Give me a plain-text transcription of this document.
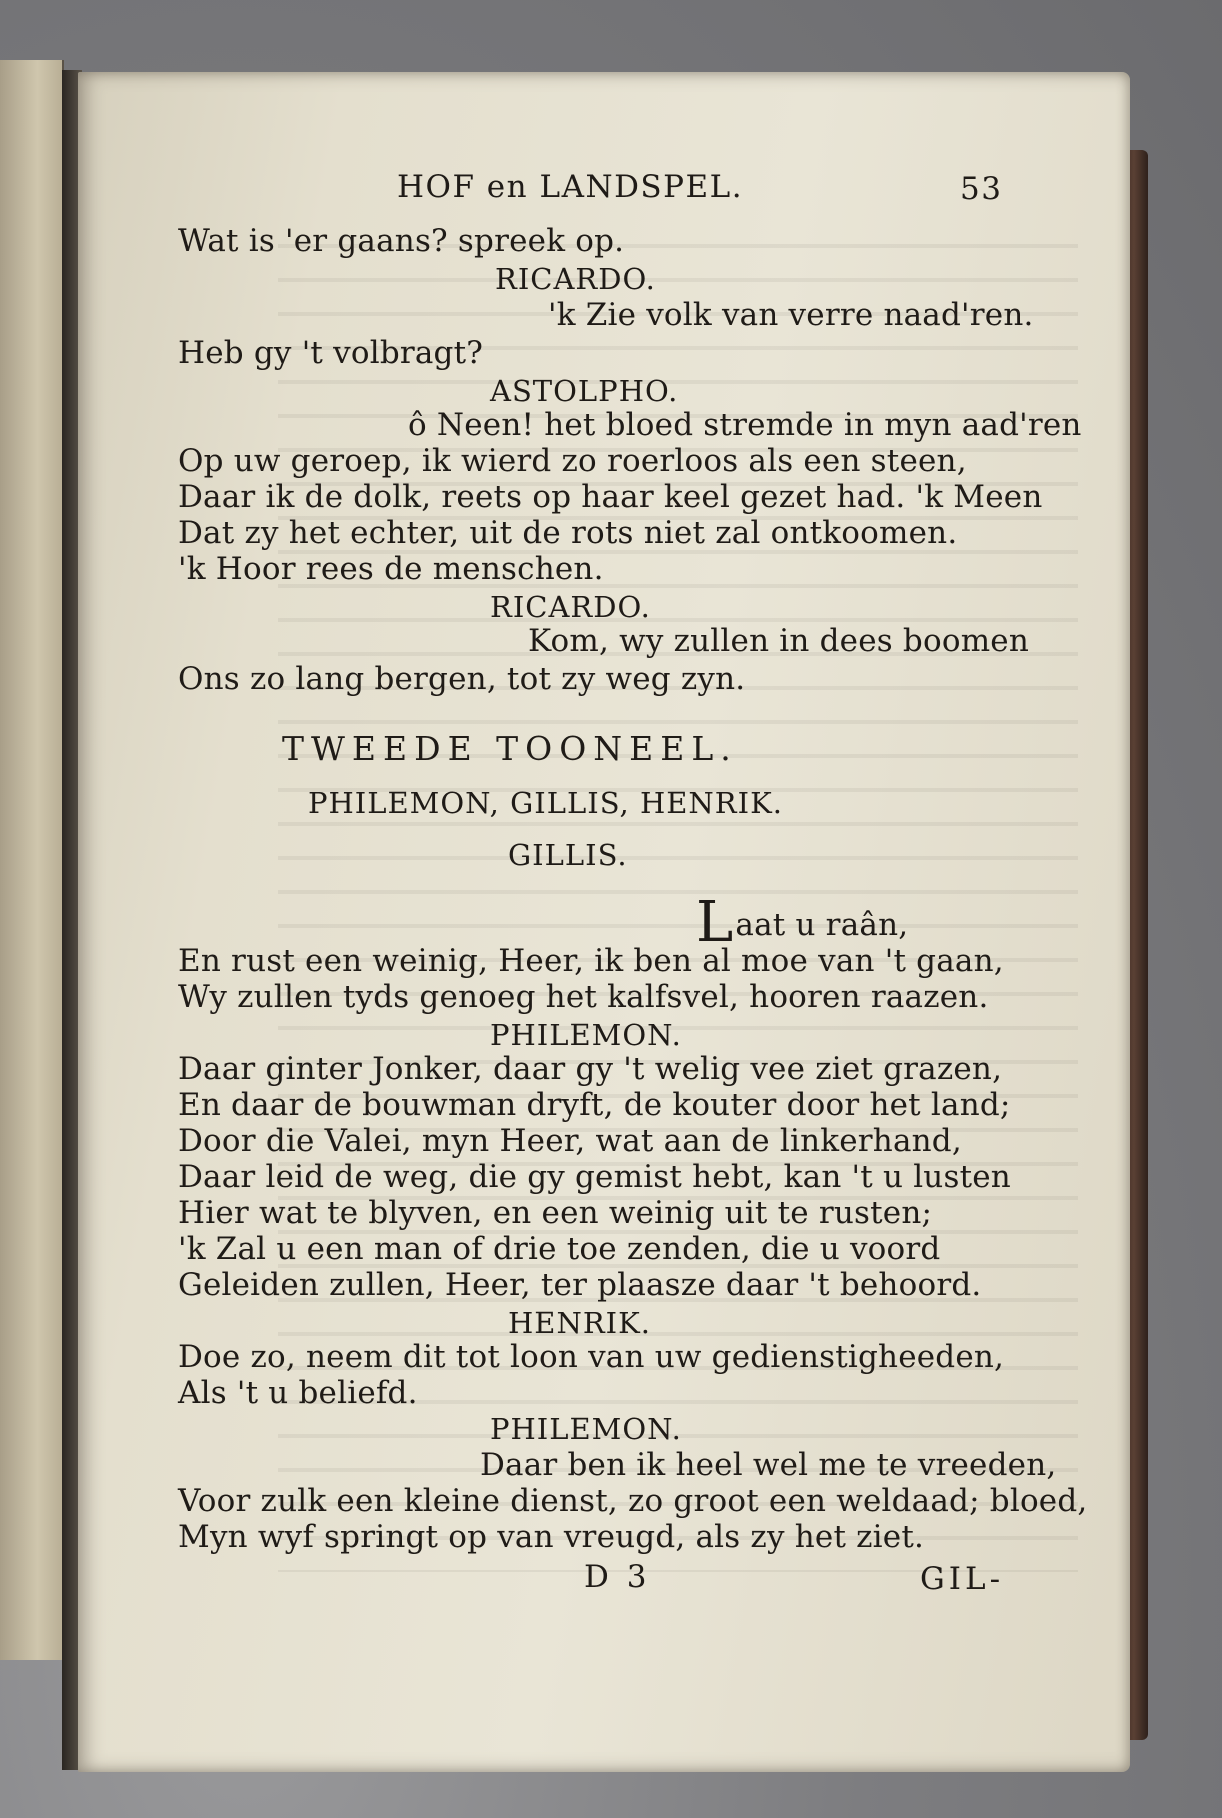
HOF en LANDSPEL.	53
Wat is 'er gaans? spreek op.
RICARDO.
'k Zie volk van verre naad'ren.
Heb gy 't volbragt?
ASTOLPHO.
ô Neen! het bloed stremde in myn aad'ren
Op uw geroep, ik wierd zo roerloos als een steen,
Daar ik de dolk, reets op haar keel gezet had. 'k Meen
Dat zy het echter, uit de rots niet zal ontkoomen.
'k Hoor rees de menschen.
RICARDO.
Kom, wy zullen in dees boomen
Ons zo lang bergen, tot zy weg zyn.
TWEEDE TOONEEL.
PHILEMON, GILLIS, HENRIK.
GILLIS.
Laat u raân,
En rust een weinig, Heer, ik ben al moe van 't gaan,
Wy zullen tyds genoeg het kalfsvel, hooren raazen.
PHILEMON.
Daar ginter Jonker, daar gy 't welig vee ziet grazen,
En daar de bouwman dryft, de kouter door het land;
Door die Valei, myn Heer, wat aan de linkerhand,
Daar leid de weg, die gy gemist hebt, kan 't u lusten
Hier wat te blyven, en een weinig uit te rusten;
'k Zal u een man of drie toe zenden, die u voord
Geleiden zullen, Heer, ter plaasze daar 't behoord.
HENRIK.
Doe zo, neem dit tot loon van uw gedienstigheeden,
Als 't u beliefd.
PHILEMON.
Daar ben ik heel wel me te vreeden,
Voor zulk een kleine dienst, zo groot een weldaad; bloed,
Myn wyf springt op van vreugd, als zy het ziet.
D 3	GIL-
